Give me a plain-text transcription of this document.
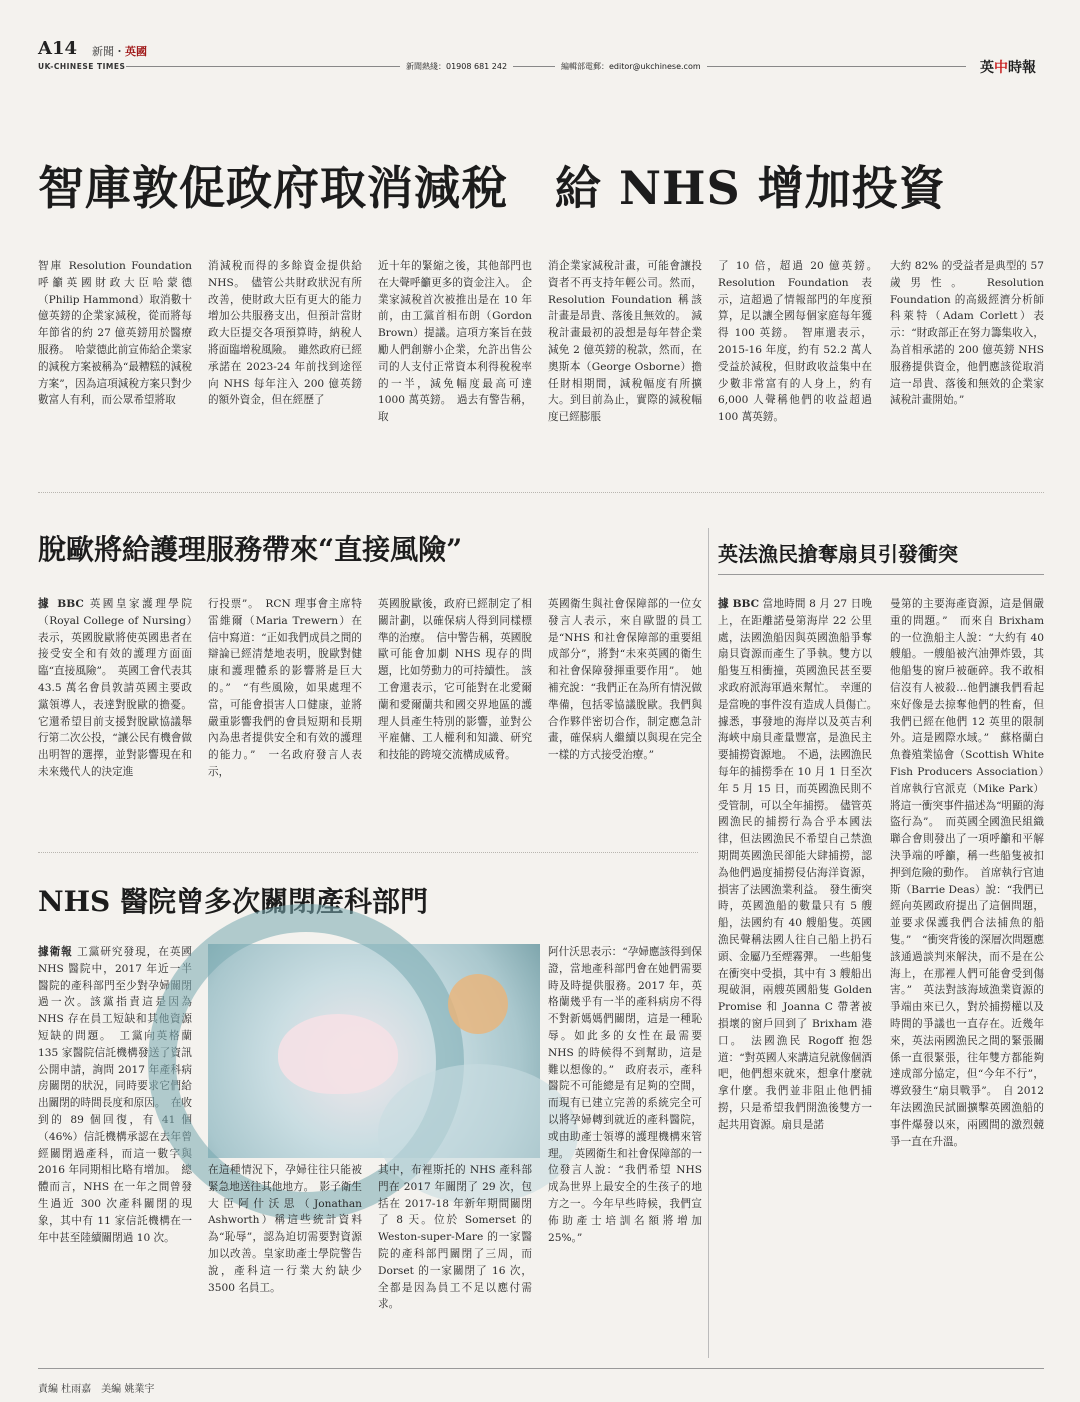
A14 新聞・英國
UK-CHINESE TIMES	新聞熱綫：01908 681 242	編輯部電郵：editor@ukchinese.com	英中時報
智庫敦促政府取消減稅　給 NHS 增加投資
智庫 Resolution Foundation 呼籲英國財政大臣哈蒙德（Philip Hammond）取消數十億英鎊的企業家減稅，從而將每年節省的約 27 億英鎊用於醫療服務。　哈蒙德此前宣佈給企業家的減稅方案被稱為“最糟糕的減稅方案”，因為這項減稅方案只對少數富人有利，而公眾希望將取
消減稅而得的多餘資金提供給 NHS。　儘管公共財政狀況有所改善，使財政大臣有更大的能力增加公共服務支出，但預計當財政大臣提交各項預算時，納稅人將面臨增稅風險。　雖然政府已經承諾在 2023-24 年前找到途徑向 NHS 每年注入 200 億英鎊的額外資金，但在經歷了
近十年的緊縮之後，其他部門也在大聲呼籲更多的資金注入。　企業家減稅首次被推出是在 10 年前，由工黨首相布朗（Gordon Brown）提議。這項方案旨在鼓勵人們創辦小企業，允許出售公司的人支付正常資本利得稅稅率的一半，減免幅度最高可達 1000 萬英鎊。　過去有警告稱，取
消企業家減稅計畫，可能會讓投資者不再支持年輕公司。然而，Resolution Foundation 稱該計畫是昂貴、落後且無效的。　減稅計畫最初的設想是每年替企業減免 2 億英鎊的稅款，然而，在奧斯本（George Osborne）擔任財相期間，減稅幅度有所擴大。到目前為止，實際的減稅幅度已經膨脹
了 10 倍，超過 20 億英鎊。　Resolution Foundation 表示，這超過了情報部門的年度預算，足以讓全國每個家庭每年獲得 100 英鎊。　智庫還表示，2015-16 年度，約有 52.2 萬人受益於減稅，但財政收益集中在少數非常富有的人身上，約有 6,000 人聲稱他們的收益超過 100 萬英鎊。
大約 82% 的受益者是典型的 57 歲男性。　Resolution Foundation 的高級經濟分析師科萊特（Adam Corlett）表示：“財政部正在努力籌集收入，為首相承諾的 200 億英鎊 NHS 服務提供資金，他們應該從取消這一昂貴、落後和無效的企業家減稅計畫開始。”
脫歐將給護理服務帶來“直接風險”
據 BBC 英國皇家護理學院（Royal College of Nursing）表示，英國脫歐將使英國患者在接受安全和有效的護理方面面臨“直接風險”。　英國工會代表其 43.5 萬名會員敦請英國主要政黨領導人，表達對脫歐的擔憂。它還希望目前支援對脫歐協議舉行第二次公投，“讓公民有機會做出明智的選擇，並對影響現在和未來幾代人的決定進
行投票”。　RCN 理事會主席特雷維爾（Maria Trewern）在信中寫道：“正如我們成員之間的辯論已經清楚地表明，脫歐對健康和護理體系的影響將是巨大的。”　“有些風險，如果處理不當，可能會損害人口健康，並將嚴重影響我們的會員短期和長期內為患者提供安全和有效的護理的能力。”　一名政府發言人表示，
英國脫歐後，政府已經制定了相關計劃，以確保病人得到同樣標準的治療。　信中警告稱，英國脫歐可能會加劇 NHS 現存的問題，比如勞動力的可持續性。　該工會還表示，它可能對在北愛爾蘭和愛爾蘭共和國交界地區的護理人員產生特別的影響，並對公平雇傭、工人權利和知識、研究和技能的跨境交流構成威脅。
英國衛生與社會保障部的一位女發言人表示，來自歐盟的員工是“NHS 和社會保障部的重要組成部分”，將對“未來英國的衛生和社會保障發揮重要作用”。　她補充說：“我們正在為所有情況做準備，包括零協議脫歐。我們與合作夥伴密切合作，制定應急計畫，確保病人繼續以與現在完全一樣的方式接受治療。”
英法漁民搶奪扇貝引發衝突
據 BBC 當地時間 8 月 27 日晚上，在距離諾曼第海岸 22 公里處，法國漁船因與英國漁船爭奪扇貝資源而產生了爭執。雙方以船隻互相衝撞，英國漁民甚至要求政府派海軍過來幫忙。　幸運的是當晚的事件沒有造成人員傷亡。　據悉，事發地的海岸以及英吉利海峽中扇貝產量豐富，是漁民主要捕撈資源地。　不過，法國漁民每年的捕撈季在 10 月 1 日至次年 5 月 15 日，而英國漁民則不受管制，可以全年捕撈。　儘管英國漁民的捕撈行為合乎本國法律，但法國漁民不希望自己禁漁期間英國漁民卻能大肆捕撈，認為他們過度捕撈侵佔海洋資源，損害了法國漁業利益。　發生衝突時，英國漁船的數量只有 5 艘船，法國約有 40 艘船隻。英國漁民聲稱法國人往自己船上扔石頭、金屬乃至煙霧彈。　一些船隻在衝突中受損，其中有 3 艘船出現破洞，兩艘英國船隻 Golden Promise 和 Joanna C 帶著被損壞的窗戶回到了 Brixham 港口。　法國漁民 Rogoff 抱怨道：“對英國人來講這兒就像個酒吧，他們想來就來，想拿什麼就拿什麼。我們並非阻止他們捕撈，只是希望我們開漁後雙方一起共用資源。扇貝是諾
曼第的主要海產資源，這是個嚴重的問題。”　而來自 Brixham 的一位漁船主人說：“大約有 40 艘船。一艘船被汽油彈炸毀，其他船隻的窗戶被砸碎。我不敢相信沒有人被殺…他們讓我們看起來好像是去掠奪他們的牲畜，但我們已經在他們 12 英里的限制外。這是國際水域。”　蘇格蘭白魚養殖業協會（Scottish White Fish Producers Association）首席執行官派克（Mike Park）將這一衝突事件描述為“明顯的海盜行為”。　而英國全國漁民組織聯合會則發出了一項呼籲和平解決爭端的呼籲，稱一些船隻被扣押到危險的動作。　首席執行官迪斯（Barrie Deas）說：“我們已經向英國政府提出了這個問題，並要求保護我們合法捕魚的船隻。”　“衝突背後的深層次問題應該通過談判來解決，而不是在公海上，在那裡人們可能會受到傷害。”　英法對該海域漁業資源的爭端由來已久，對於捕撈權以及時間的爭議也一直存在。近幾年來，英法兩國漁民之間的緊張關係一直很緊張，往年雙方都能夠達成部分協定，但“今年不行”，導致發生“扇貝戰爭”。　自 2012 年法國漁民試圖擴擊英國漁船的事件爆發以來，兩國間的激烈競爭一直在升溫。
NHS 醫院曾多次關閉產科部門
據衛報 工黨研究發現，在英國 NHS 醫院中，2017 年近一半醫院的產科部門至少對孕婦關閉過一次。該黨指責這是因為 NHS 存在員工短缺和其他資源短缺的問題。　工黨向英格蘭 135 家醫院信託機構發送了資訊公開申請，詢問 2017 年產科病房關閉的狀況，同時要求它們給出關閉的時間長度和原因。　在收到的 89 個回復，有 41 個（46%）信託機構承認在去年曾經關閉過產科，而這一數字與 2016 年同期相比略有增加。　總體而言，NHS 在一年之間曾發生過近 300 次產科關閉的現象，其中有 11 家信託機構在一年中甚至陸續關閉過 10 次。
在這種情況下，孕婦往往只能被緊急地送往其他地方。　影子衛生大臣阿什沃思（Jonathan Ashworth）稱這些統計資料為“恥辱”，認為迫切需要對資源加以改善。皇家助產士學院警告說，產科這一行業大約缺少 3500 名員工。
其中，布裡斯托的 NHS 產科部門在 2017 年關閉了 29 次，包括在 2017-18 年新年期間關閉了 8 天。位於 Somerset 的 Weston-super-Mare 的一家醫院的產科部門關閉了三周，而 Dorset 的一家關閉了 16 次，全都是因為員工不足以應付需求。
阿什沃思表示：“孕婦應該得到保證，當地產科部門會在她們需要時及時提供服務。2017 年，英格蘭幾乎有一半的產科病房不得不對新媽媽們關閉，這是一種恥辱。如此多的女性在最需要 NHS 的時候得不到幫助，這是難以想像的。”　政府表示，產科醫院不可能總是有足夠的空間，而現有已建立完善的系統完全可以將孕婦轉到就近的產科醫院，或由助產士領導的護理機構來管理。　英國衛生和社會保障部的一位發言人說：“我們希望 NHS 成為世界上最安全的生孩子的地方之一。今年早些時候，我們宣佈助產士培訓名額將增加 25%。”
責編 杜雨嘉　美編 姚業宇
